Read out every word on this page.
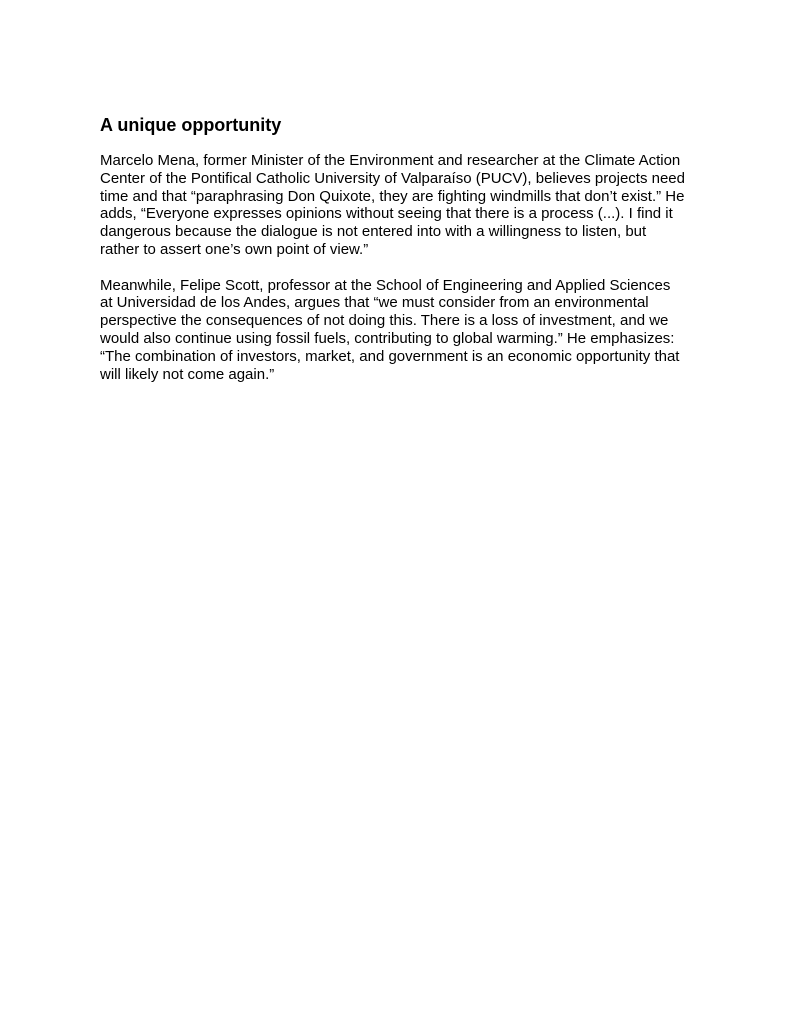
A unique opportunity

Marcelo Mena, former Minister of the Environment and researcher at the Climate Action
Center of the Pontifical Catholic University of Valparaíso (PUCV), believes projects need
time and that “paraphrasing Don Quixote, they are fighting windmills that don’t exist.” He
adds, “Everyone expresses opinions without seeing that there is a process (...). I find it
dangerous because the dialogue is not entered into with a willingness to listen, but
rather to assert one’s own point of view.”

Meanwhile, Felipe Scott, professor at the School of Engineering and Applied Sciences
at Universidad de los Andes, argues that “we must consider from an environmental
perspective the consequences of not doing this. There is a loss of investment, and we
would also continue using fossil fuels, contributing to global warming.” He emphasizes:
“The combination of investors, market, and government is an economic opportunity that
will likely not come again.”
